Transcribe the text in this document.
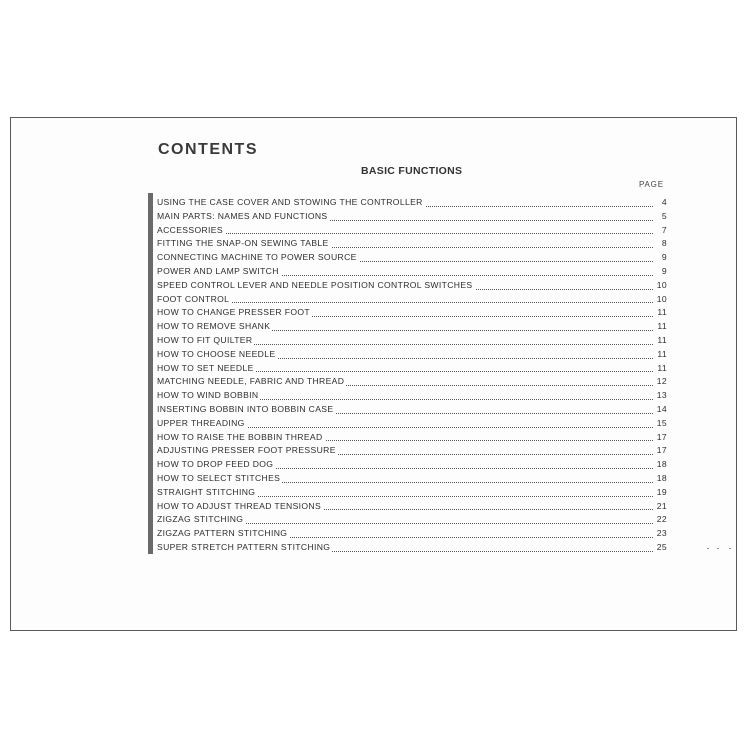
CONTENTS
BASIC FUNCTIONS
PAGE
USING THE CASE COVER AND STOWING THE CONTROLLER	4
MAIN PARTS: NAMES AND FUNCTIONS	5
ACCESSORIES	7
FITTING THE SNAP-ON SEWING TABLE	8
CONNECTING MACHINE TO POWER SOURCE	9
POWER AND LAMP SWITCH	9
SPEED CONTROL LEVER AND NEEDLE POSITION CONTROL SWITCHES	10
FOOT CONTROL	10
HOW TO CHANGE PRESSER FOOT	11
HOW TO REMOVE SHANK	11
HOW TO FIT QUILTER	11
HOW TO CHOOSE NEEDLE	11
HOW TO SET NEEDLE	11
MATCHING NEEDLE, FABRIC AND THREAD	12
HOW TO WIND BOBBIN	13
INSERTING BOBBIN INTO BOBBIN CASE	14
UPPER THREADING	15
HOW TO RAISE THE BOBBIN THREAD	17
ADJUSTING PRESSER FOOT PRESSURE	17
HOW TO DROP FEED DOG	18
HOW TO SELECT STITCHES	18
STRAIGHT STITCHING	19
HOW TO ADJUST THREAD TENSIONS	21
ZIGZAG STITCHING	22
ZIGZAG PATTERN STITCHING	23
SUPER STRETCH PATTERN STITCHING	25
